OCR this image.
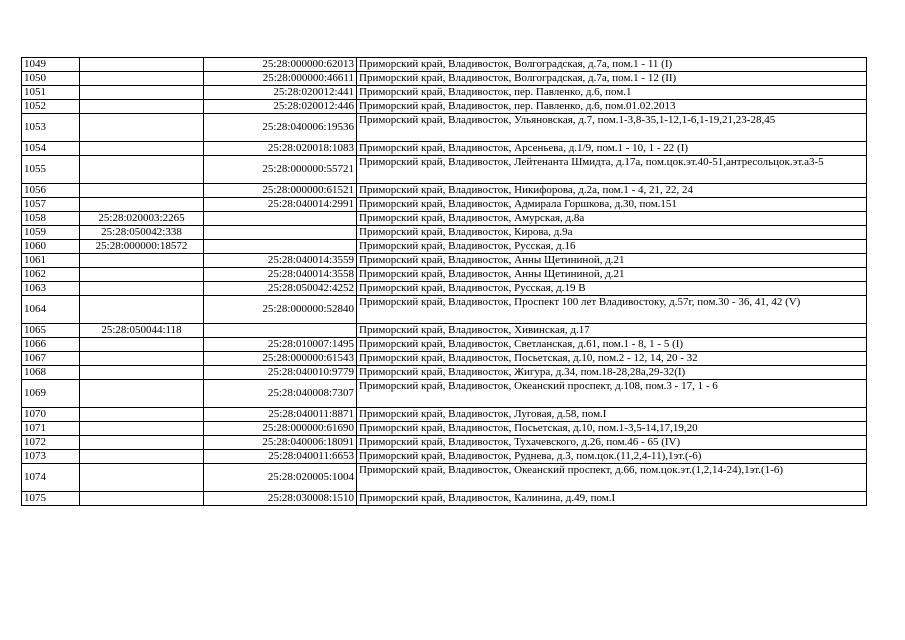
1049		25:28:000000:62013	Приморский край, Владивосток, Волгоградская, д.7а, пом.1 - 11 (I)
1050		25:28:000000:46611	Приморский край, Владивосток, Волгоградская, д.7а, пом.1 - 12 (II)
1051		25:28:020012:441	Приморский край, Владивосток, пер. Павленко, д.6, пом.1
1052		25:28:020012:446	Приморский край, Владивосток, пер. Павленко, д.6, пом.01.02.2013
1053		25:28:040006:19536	Приморский край, Владивосток, Ульяновская, д.7, пом.1-3,8-35,1-12,1-6,1-19,21,23-28,45
1054		25:28:020018:1083	Приморский край, Владивосток, Арсеньева, д.1/9, пом.1 - 10, 1 - 22 (I)
1055		25:28:000000:55721	Приморский край, Владивосток, Лейтенанта Шмидта, д.17а, пом.цок.эт.40-51,антресольцок.эт.а3-5
1056		25:28:000000:61521	Приморский край, Владивосток, Никифорова, д.2а, пом.1 - 4, 21, 22, 24
1057		25:28:040014:2991	Приморский край, Владивосток, Адмирала Горшкова, д.30, пом.151
1058	25:28:020003:2265		Приморский край, Владивосток, Амурская, д.8а
1059	25:28:050042:338		Приморский край, Владивосток, Кирова, д.9а
1060	25:28:000000:18572		Приморский край, Владивосток, Русская, д.16
1061		25:28:040014:3559	Приморский край, Владивосток, Анны Щетининой, д.21
1062		25:28:040014:3558	Приморский край, Владивосток, Анны Щетининой, д.21
1063		25:28:050042:4252	Приморский край, Владивосток, Русская, д.19 В
1064		25:28:000000:52840	Приморский край, Владивосток, Проспект 100 лет Владивостоку, д.57г, пом.30 - 36, 41, 42 (V)
1065	25:28:050044:118		Приморский край, Владивосток, Хивинская, д.17
1066		25:28:010007:1495	Приморский край, Владивосток, Светланская, д.61, пом.1 - 8, 1 - 5 (I)
1067		25:28:000000:61543	Приморский край, Владивосток, Посьетская, д.10, пом.2 - 12, 14, 20 - 32
1068		25:28:040010:9779	Приморский край, Владивосток, Жигура, д.34, пом.18-28,28а,29-32(I)
1069		25:28:040008:7307	Приморский край, Владивосток, Океанский проспект, д.108, пом.3 - 17, 1 - 6
1070		25:28:040011:8871	Приморский край, Владивосток, Луговая, д.58, пом.I
1071		25:28:000000:61690	Приморский край, Владивосток, Посьетская, д.10, пом.1-3,5-14,17,19,20
1072		25:28:040006:18091	Приморский край, Владивосток, Тухачевского, д.26, пом.46 - 65 (IV)
1073		25:28:040011:6653	Приморский край, Владивосток, Руднева, д.3, пом.цок.(11,2,4-11),1эт.(-6)
1074		25:28:020005:1004	Приморский край, Владивосток, Океанский проспект, д.66, пом.цок.эт.(1,2,14-24),1эт.(1-6)
1075		25:28:030008:1510	Приморский край, Владивосток, Калинина, д.49, пом.I
